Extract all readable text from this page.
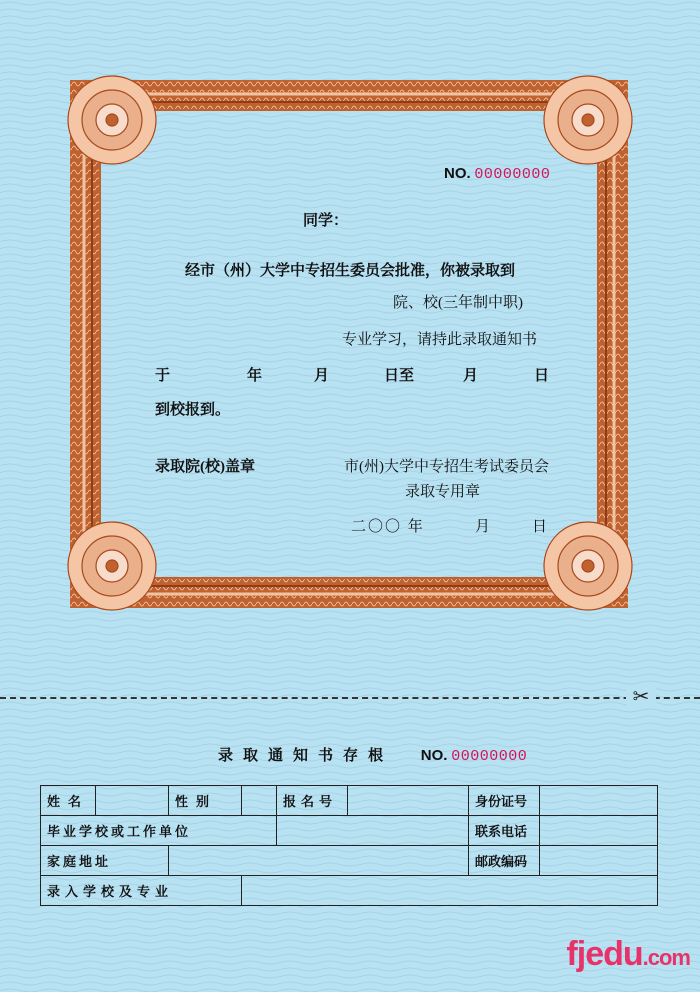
NO. 00000000
同学：
经市（州）大学中专招生委员会批准，你被录取到
院、校(三年制中职)
专业学习，请持此录取通知书
于	年	月	日至	月	日
到校报到。
录取院(校)盖章	市(州)大学中专招生考试委员会
录取专用章
二〇〇 年	月	日
✂
录取通知书存根 NO. 00000000
姓名		性别		报名号		身份证号	
毕业学校或工作单位						联系电话	
家庭地址						邮政编码	
录入学校及专业							
fjedu.com
